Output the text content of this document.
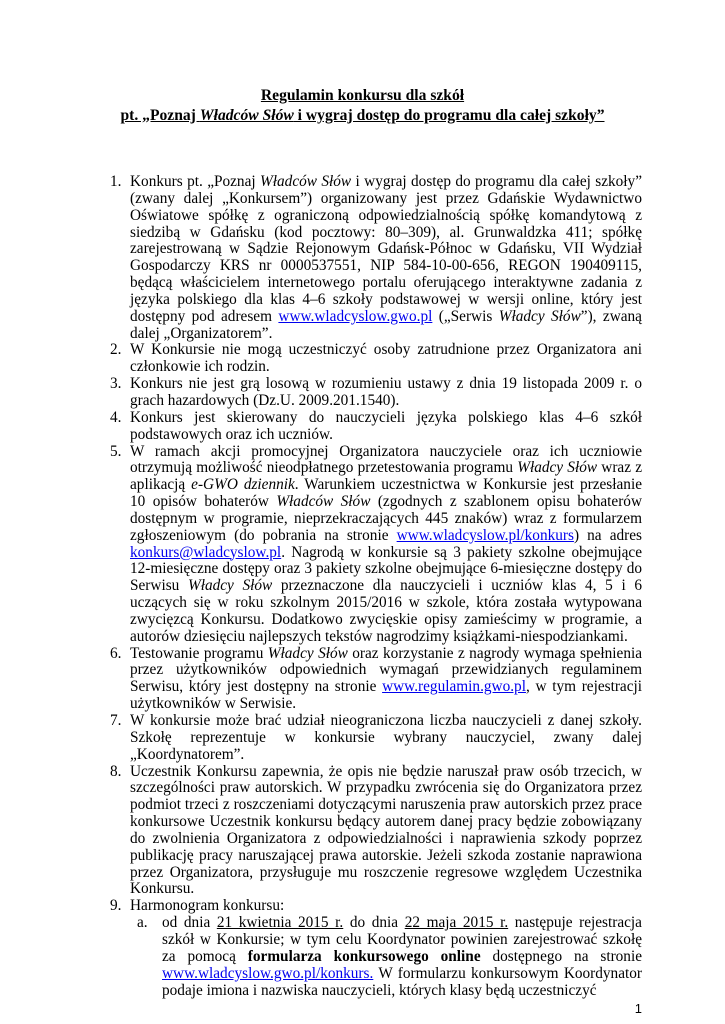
Regulamin konkursu dla szkół
pt. „Poznaj Władców Słów i wygraj dostęp do programu dla całej szkoły”
1. Konkurs pt. „Poznaj Władców Słów i wygraj dostęp do programu dla całej szkoły” (zwany dalej „Konkursem”) organizowany jest przez Gdańskie Wydawnictwo Oświatowe spółkę z ograniczoną odpowiedzialnością spółkę komandytową z siedzibą w Gdańsku (kod pocztowy: 80–309), al. Grunwaldzka 411; spółkę zarejestrowaną w Sądzie Rejonowym Gdańsk-Północ w Gdańsku, VII Wydział Gospodarczy KRS nr 0000537551, NIP 584-10-00-656, REGON 190409115, będącą właścicielem internetowego portalu oferującego interaktywne zadania z języka polskiego dla klas 4–6 szkoły podstawowej w wersji online, który jest dostępny pod adresem www.wladcyslow.gwo.pl („Serwis Władcy Słów”), zwaną dalej „Organizatorem”.
2. W Konkursie nie mogą uczestniczyć osoby zatrudnione przez Organizatora ani członkowie ich rodzin.
3. Konkurs nie jest grą losową w rozumieniu ustawy z dnia 19 listopada 2009 r. o grach hazardowych (Dz.U. 2009.201.1540).
4. Konkurs jest skierowany do nauczycieli języka polskiego klas 4–6 szkół podstawowych oraz ich uczniów.
5. W ramach akcji promocyjnej Organizatora nauczyciele oraz ich uczniowie otrzymują możliwość nieodpłatnego przetestowania programu Władcy Słów wraz z aplikacją e-GWO dziennik. Warunkiem uczestnictwa w Konkursie jest przesłanie 10 opisów bohaterów Władców Słów (zgodnych z szablonem opisu bohaterów dostępnym w programie, nieprzekraczających 445 znaków) wraz z formularzem zgłoszeniowym (do pobrania na stronie www.wladcyslow.pl/konkurs) na adres konkurs@wladcyslow.pl. Nagrodą w konkursie są 3 pakiety szkolne obejmujące 12-miesięczne dostępy oraz 3 pakiety szkolne obejmujące 6-miesięczne dostępy do Serwisu Władcy Słów przeznaczone dla nauczycieli i uczniów klas 4, 5 i 6 uczących się w roku szkolnym 2015/2016 w szkole, która została wytypowana zwycięzcą Konkursu. Dodatkowo zwycięskie opisy zamieścimy w programie, a autorów dziesięciu najlepszych tekstów nagrodzimy książkami-niespodziankami.
6. Testowanie programu Władcy Słów oraz korzystanie z nagrody wymaga spełnienia przez użytkowników odpowiednich wymagań przewidzianych regulaminem Serwisu, który jest dostępny na stronie www.regulamin.gwo.pl, w tym rejestracji użytkowników w Serwisie.
7. W konkursie może brać udział nieograniczona liczba nauczycieli z danej szkoły. Szkołę reprezentuje w konkursie wybrany nauczyciel, zwany dalej „Koordynatorem”.
8. Uczestnik Konkursu zapewnia, że opis nie będzie naruszał praw osób trzecich, w szczególności praw autorskich. W przypadku zwrócenia się do Organizatora przez podmiot trzeci z roszczeniami dotyczącymi naruszenia praw autorskich przez prace konkursowe Uczestnik konkursu będący autorem danej pracy będzie zobowiązany do zwolnienia Organizatora z odpowiedzialności i naprawienia szkody poprzez publikację pracy naruszającej prawa autorskie. Jeżeli szkoda zostanie naprawiona przez Organizatora, przysługuje mu roszczenie regresowe względem Uczestnika Konkursu.
9. Harmonogram konkursu:
a. od dnia 21 kwietnia 2015 r. do dnia 22 maja 2015 r. następuje rejestracja szkół w Konkursie; w tym celu Koordynator powinien zarejestrować szkołę za pomocą formularza konkursowego online dostępnego na stronie www.wladcyslow.gwo.pl/konkurs. W formularzu konkursowym Koordynator podaje imiona i nazwiska nauczycieli, których klasy będą uczestniczyć
1
